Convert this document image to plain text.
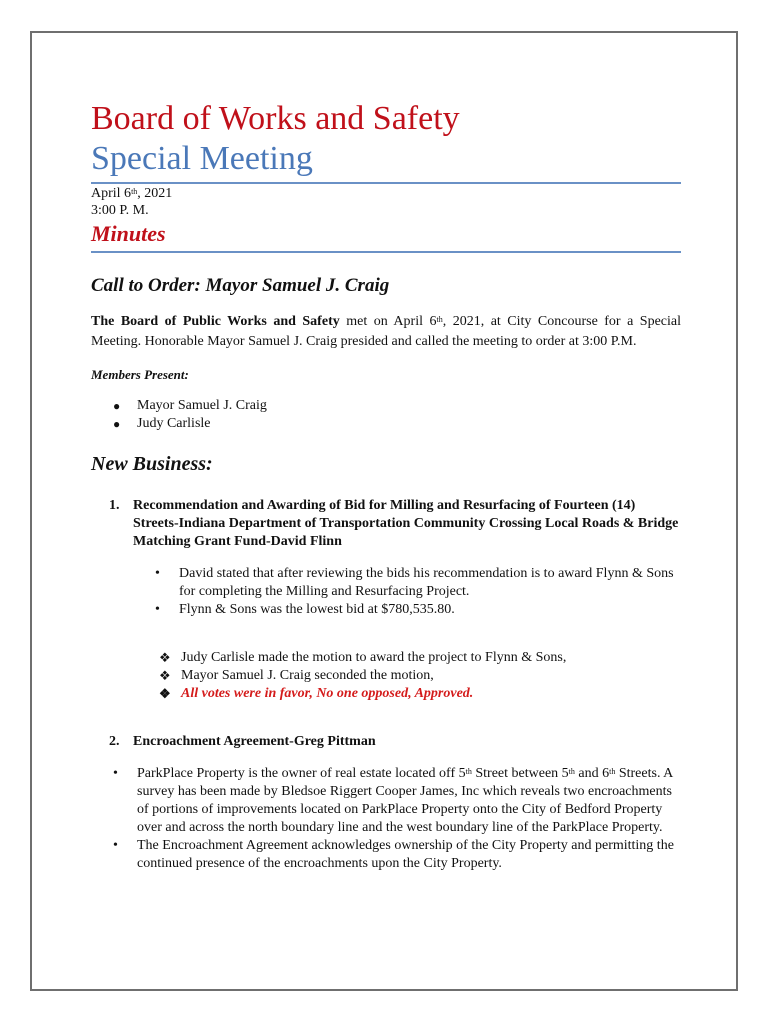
Board of Works and Safety
Special Meeting
April 6th, 2021
3:00 P. M.
Minutes
Call to Order: Mayor Samuel J. Craig

The Board of Public Works and Safety met on April 6th, 2021, at City Concourse for a Special Meeting. Honorable Mayor Samuel J. Craig presided and called the meeting to order at 3:00 P.M.

Members Present:
● Mayor Samuel J. Craig
● Judy Carlisle
New Business:
1. Recommendation and Awarding of Bid for Milling and Resurfacing of Fourteen (14) Streets-Indiana Department of Transportation Community Crossing Local Roads & Bridge Matching Grant Fund-David Flinn
• David stated that after reviewing the bids his recommendation is to award Flynn & Sons for completing the Milling and Resurfacing Project.
• Flynn & Sons was the lowest bid at $780,535.80.
❖ Judy Carlisle made the motion to award the project to Flynn & Sons,
❖ Mayor Samuel J. Craig seconded the motion,
❖ All votes were in favor, No one opposed, Approved.
2. Encroachment Agreement-Greg Pittman
• ParkPlace Property is the owner of real estate located off 5th Street between 5th and 6th Streets. A survey has been made by Bledsoe Riggert Cooper James, Inc which reveals two encroachments of portions of improvements located on ParkPlace Property onto the City of Bedford Property over and across the north boundary line and the west boundary line of the ParkPlace Property.
• The Encroachment Agreement acknowledges ownership of the City Property and permitting the continued presence of the encroachments upon the City Property.
